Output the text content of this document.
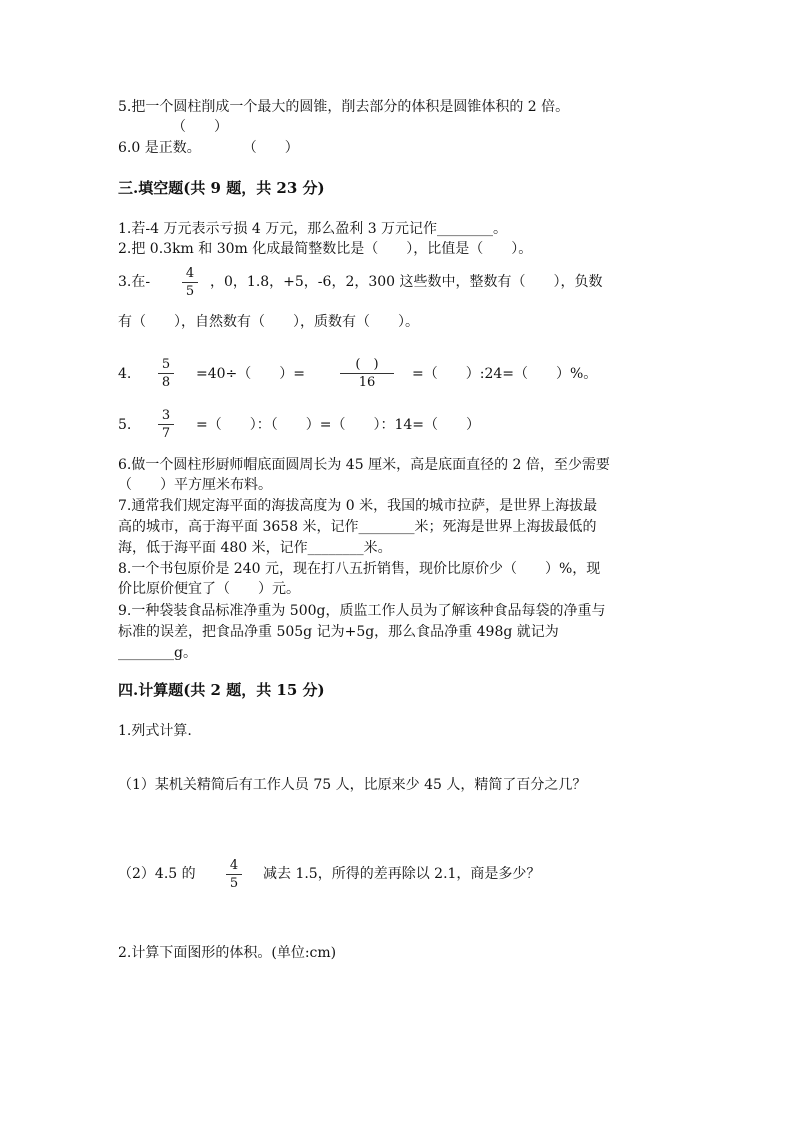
5.把一个圆柱削成一个最大的圆锥，削去部分的体积是圆锥体积的 2 倍。
（　　）
6.0 是正数。　　　　（　　）
三.填空题(共 9 题，共 23 分)
1.若-4 万元表示亏损 4 万元，那么盈利 3 万元记作________。
2.把 0.3km 和 30m 化成最简整数比是（　　），比值是（　　）。
3.在-
4
5
，0，1.8，+5，-6，2，300 这些数中，整数有（　　），负数
有（　　），自然数有（　　），质数有（　　）。
4.
5
8
=40÷（　　）=
(　)
16
=（　　）:24=（　　）%。
5.
3
7
=（　　）：（　　）=（　　）：14=（　　）
6.做一个圆柱形厨师帽底面圆周长为 45 厘米，高是底面直径的 2 倍，至少需要
（　　）平方厘米布料。
7.通常我们规定海平面的海拔高度为 0 米，我国的城市拉萨，是世界上海拔最
高的城市，高于海平面 3658 米，记作________米；死海是世界上海拔最低的
海，低于海平面 480 米，记作________米。
8.一个书包原价是 240 元，现在打八五折销售，现价比原价少（　　）%，现
价比原价便宜了（　　）元。
9.一种袋装食品标准净重为 500g，质监工作人员为了解该种食品每袋的净重与
标准的误差，把食品净重 505g 记为+5g，那么食品净重 498g 就记为
________g。
四.计算题(共 2 题，共 15 分)
1.列式计算.
（1）某机关精简后有工作人员 75 人，比原来少 45 人，精简了百分之几？
（2）4.5 的
4
5
减去 1.5，所得的差再除以 2.1，商是多少？
2.计算下面图形的体积。(单位:cm)
